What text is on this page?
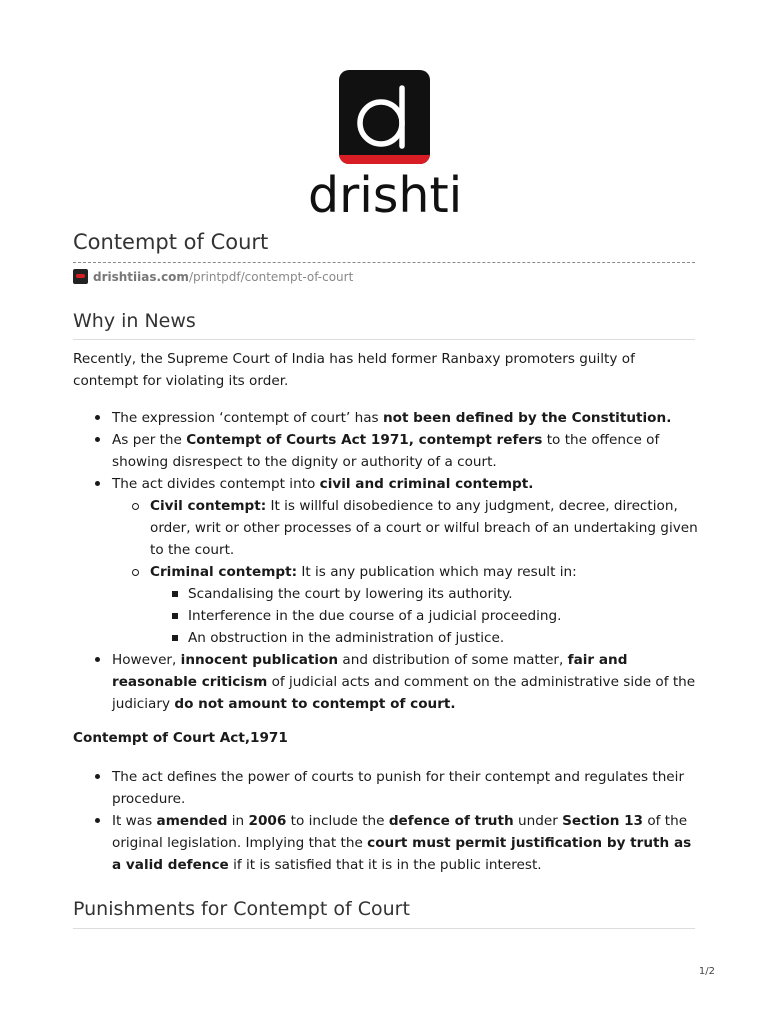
drishti
Contempt of Court
drishtiias.com /printpdf/contempt-of-court
Why in News

Recently, the Supreme Court of India has held former Ranbaxy promoters guilty of contempt for violating its order.

The expression ‘contempt of court’ has not been defined by the Constitution.
As per the Contempt of Courts Act 1971, contempt refers to the offence of showing disrespect to the dignity or authority of a court.
The act divides contempt into civil and criminal contempt.
Civil contempt: It is willful disobedience to any judgment, decree, direction, order, writ or other processes of a court or wilful breach of an undertaking given to the court.
Criminal contempt: It is any publication which may result in:
Scandalising the court by lowering its authority.
Interference in the due course of a judicial proceeding.
An obstruction in the administration of justice.
However, innocent publication and distribution of some matter, fair and reasonable criticism of judicial acts and comment on the administrative side of the judiciary do not amount to contempt of court.
Contempt of Court Act,1971
The act defines the power of courts to punish for their contempt and regulates their procedure.
It was amended in 2006 to include the defence of truth under Section 13 of the original legislation. Implying that the court must permit justification by truth as a valid defence if it is satisfied that it is in the public interest.
Punishments for Contempt of Court
1/2
